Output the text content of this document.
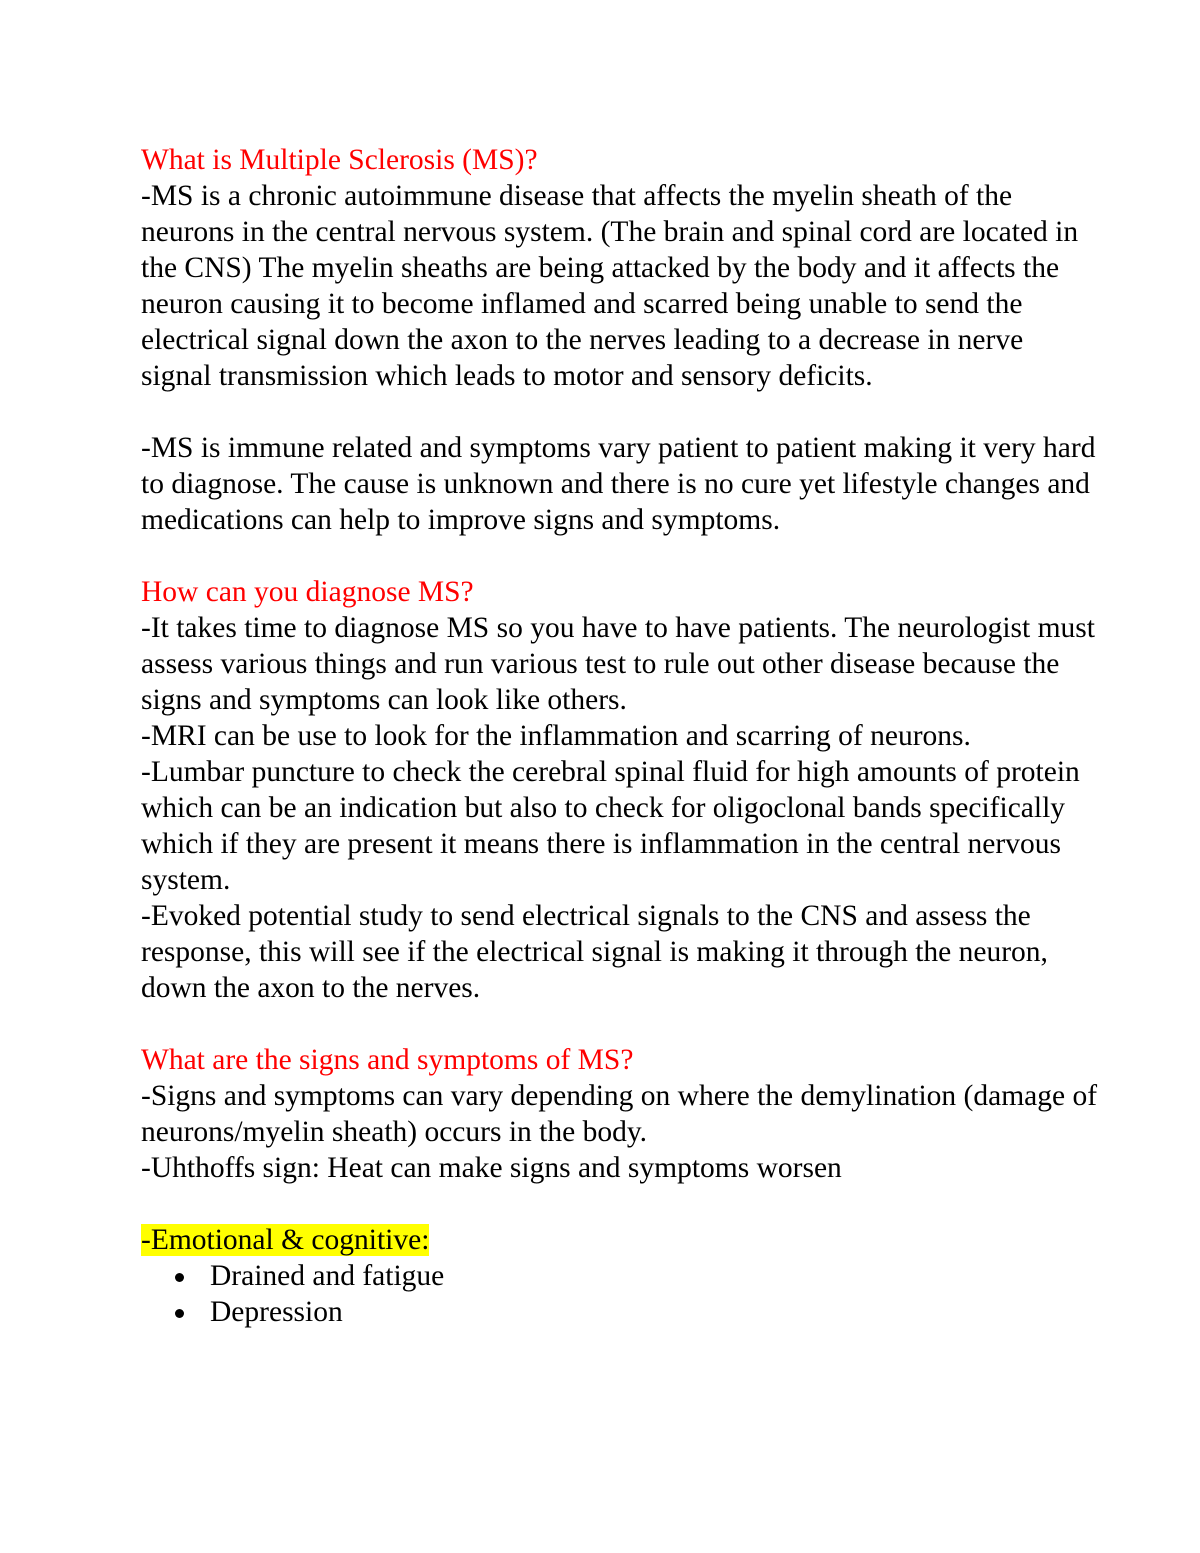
What is Multiple Sclerosis (MS)?

-MS is a chronic autoimmune disease that affects the myelin sheath of the neurons in the central nervous system. (The brain and spinal cord are located in the CNS) The myelin sheaths are being attacked by the body and it affects the neuron causing it to become inflamed and scarred being unable to send the electrical signal down the axon to the nerves leading to a decrease in nerve signal transmission which leads to motor and sensory deficits.

-MS is immune related and symptoms vary patient to patient making it very hard to diagnose. The cause is unknown and there is no cure yet lifestyle changes and medications can help to improve signs and symptoms.

How can you diagnose MS?

-It takes time to diagnose MS so you have to have patients. The neurologist must assess various things and run various test to rule out other disease because the signs and symptoms can look like others.

-MRI can be use to look for the inflammation and scarring of neurons.

-Lumbar puncture to check the cerebral spinal fluid for high amounts of protein which can be an indication but also to check for oligoclonal bands specifically which if they are present it means there is inflammation in the central nervous system.

-Evoked potential study to send electrical signals to the CNS and assess the response, this will see if the electrical signal is making it through the neuron, down the axon to the nerves.

What are the signs and symptoms of MS?

-Signs and symptoms can vary depending on where the demylination (damage of neurons/myelin sheath) occurs in the body.

-Uhthoffs sign: Heat can make signs and symptoms worsen

-Emotional & cognitive:

Drained and fatigue
Depression
